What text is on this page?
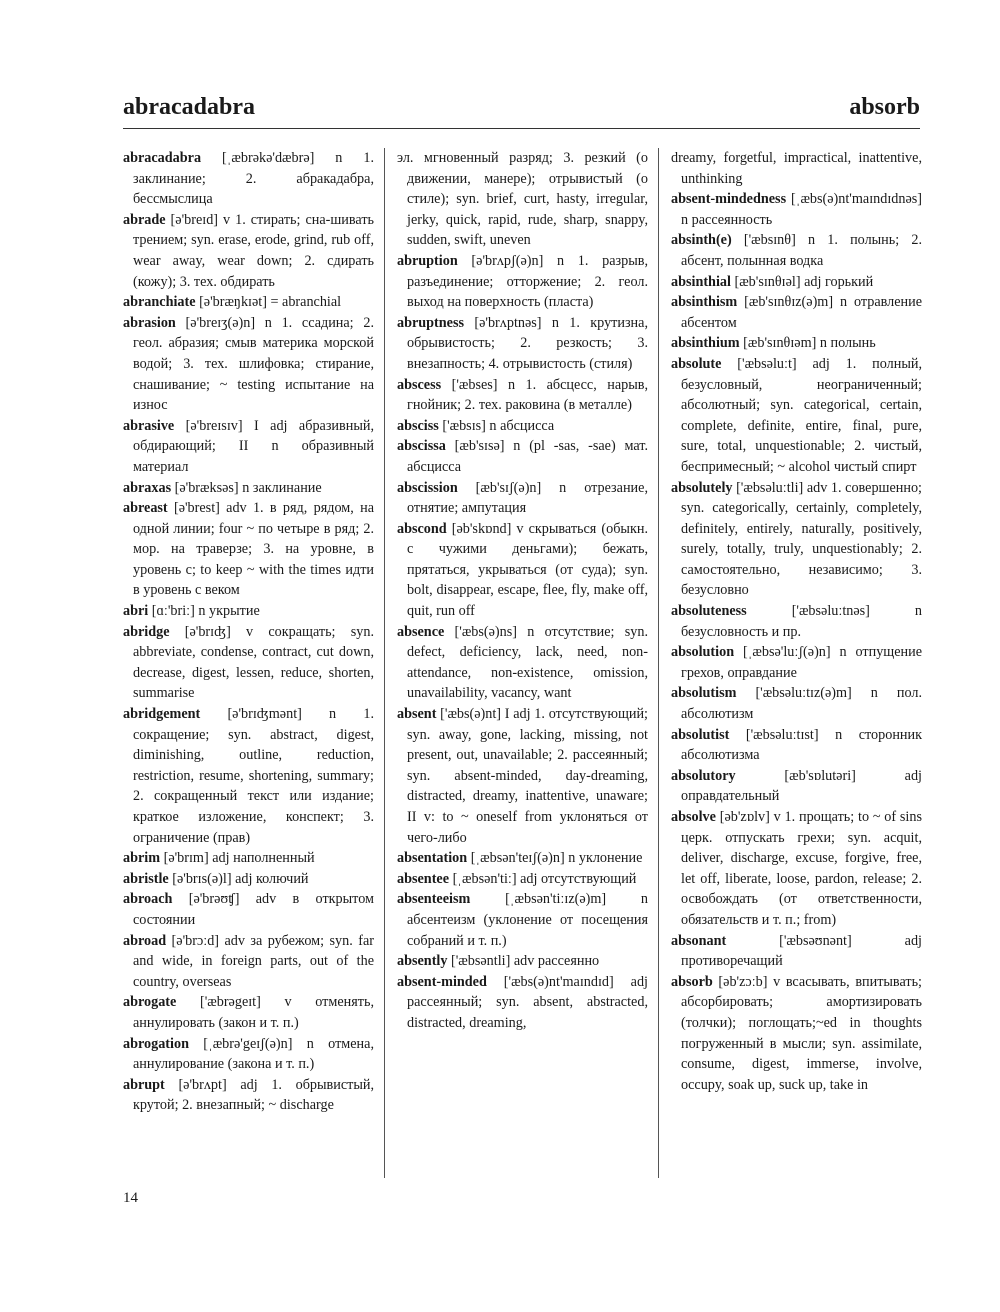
abracadabra	absorb
abracadabra [ˌæbrəkə'dæbrə] n 1. заклинание; 2. абракадабра, бессмыслица
abrade [ə'breɪd] v 1. стирать; сна-шивать трением; syn. erase, erode, grind, rub off, wear away, wear down; 2. сдирать (кожу); 3. тех. обдирать
abranchiate [ə'bræŋkɪət] = abranchial
abrasion [ə'breɪʒ(ə)n] n 1. ссадина; 2. геол. абразия; смыв материка морской водой; 3. тех. шлифовка; стирание, снашивание; ~ testing испытание на износ
abrasive [ə'breɪsɪv] I adj абразивный, обдирающий; II n образивный материал
abraxas [ə'bræksəs] n заклинание
abreast [ə'brest] adv 1. в ряд, рядом, на одной линии; four ~ по четыре в ряд; 2. мор. на траверзе; 3. на уровне, в уровень с; to keep ~ with the times идти в уровень с веком
abri [ɑː'briː] n укрытие
abridge [ə'brɪʤ] v сокращать; syn. abbreviate, condense, contract, cut down, decrease, digest, lessen, reduce, shorten, summarise
abridgement [ə'brɪʤmənt] n 1. сокращение; syn. abstract, digest, diminishing, outline, reduction, restriction, resume, shortening, summary; 2. сокращенный текст или издание; краткое изложение, конспект; 3. ограничение (прав)
abrim [ə'brɪm] adj наполненный
abristle [ə'brɪs(ə)l] adj колючий
abroach [ə'brəʊʧ] adv в открытом состоянии
abroad [ə'brɔːd] adv за рубежом; syn. far and wide, in foreign parts, out of the country, overseas
abrogate ['æbrəgeɪt] v отменять, аннулировать (закон и т. п.)
abrogation [ˌæbrə'geɪʃ(ə)n] n отмена, аннулирование (закона и т. п.)
abrupt [ə'brʌpt] adj 1. обрывистый, крутой; 2. внезапный; ~ discharge
эл. мгновенный разряд; 3. резкий (о движении, манере); отрывистый (о стиле); syn. brief, curt, hasty, irregular, jerky, quick, rapid, rude, sharp, snappy, sudden, swift, uneven
abruption [ə'brʌpʃ(ə)n] n 1. разрыв, разъединение; отторжение; 2. геол. выход на поверхность (пласта)
abruptness [ə'brʌptnəs] n 1. крутизна, обрывистость; 2. резкость; 3. внезапность; 4. отрывистость (стиля)
abscess ['æbses] n 1. абсцесс, нарыв, гнойник; 2. тех. раковина (в металле)
absciss ['æbsɪs] n абсцисса
abscissa [æb'sɪsə] n (pl -sas, -sae) мат. абсцисса
abscission [æb'sɪʃ(ə)n] n отрезание, отнятие; ампутация
abscond [əb'skɒnd] v скрываться (обыкн. с чужими деньгами); бежать, прятаться, укрываться (от суда); syn. bolt, disappear, escape, flee, fly, make off, quit, run off
absence ['æbs(ə)ns] n отсутствие; syn. defect, deficiency, lack, need, non-attendance, non-existence, omission, unavailability, vacancy, want
absent ['æbs(ə)nt] I adj 1. отсутствующий; syn. away, gone, lacking, missing, not present, out, unavailable; 2. рассеянный; syn. absent-minded, day-dreaming, distracted, dreamy, inattentive, unaware; II v: to ~ oneself from уклоняться от чего-либо
absentation [ˌæbsən'teɪʃ(ə)n] n уклонение
absentee [ˌæbsən'tiː] adj отсутствующий
absenteeism [ˌæbsən'tiːɪz(ə)m] n абсентеизм (уклонение от посещения собраний и т. п.)
absently ['æbsəntli] adv рассеянно
absent-minded ['æbs(ə)nt'maɪndɪd] adj рассеянный; syn. absent, abstracted, distracted, dreaming,
dreamy, forgetful, impractical, inattentive, unthinking
absent-mindedness [ˌæbs(ə)nt'maɪndɪdnəs] n рассеянность
absinth(e) ['æbsɪnθ] n 1. полынь; 2. абсент, полынная водка
absinthial [æb'sɪnθɪəl] adj горький
absinthism [æb'sɪnθɪz(ə)m] n отравление абсентом
absinthium [æb'sɪnθɪəm] n полынь
absolute ['æbsəluːt] adj 1. полный, безусловный, неограниченный; абсолютный; syn. categorical, certain, complete, definite, entire, final, pure, sure, total, unquestionable; 2. чистый, беспримесный; ~ alcohol чистый спирт
absolutely ['æbsəluːtli] adv 1. совершенно; syn. categorically, certainly, completely, definitely, entirely, naturally, positively, surely, totally, truly, unquestionably; 2. самостоятельно, независимо; 3. безусловно
absoluteness ['æbsəluːtnəs] n безусловность и пр.
absolution [ˌæbsə'luːʃ(ə)n] n отпущение грехов, оправдание
absolutism ['æbsəluːtɪz(ə)m] n пол. абсолютизм
absolutist ['æbsəluːtɪst] n сторонник абсолютизма
absolutory [æb'sɒlutəri] adj оправдательный
absolve [əb'zɒlv] v 1. прощать; to ~ of sins церк. отпускать грехи; syn. acquit, deliver, discharge, excuse, forgive, free, let off, liberate, loose, pardon, release; 2. освобождать (от ответственности, обязательств и т. п.; from)
absonant ['æbsəʊnənt] adj противоречащий
absorb [əb'zɔːb] v всасывать, впитывать; абсорбировать; амортизировать (толчки); поглощать;~ed in thoughts погруженный в мысли; syn. assimilate, consume, digest, immerse, involve, occupy, soak up, suck up, take in
14
